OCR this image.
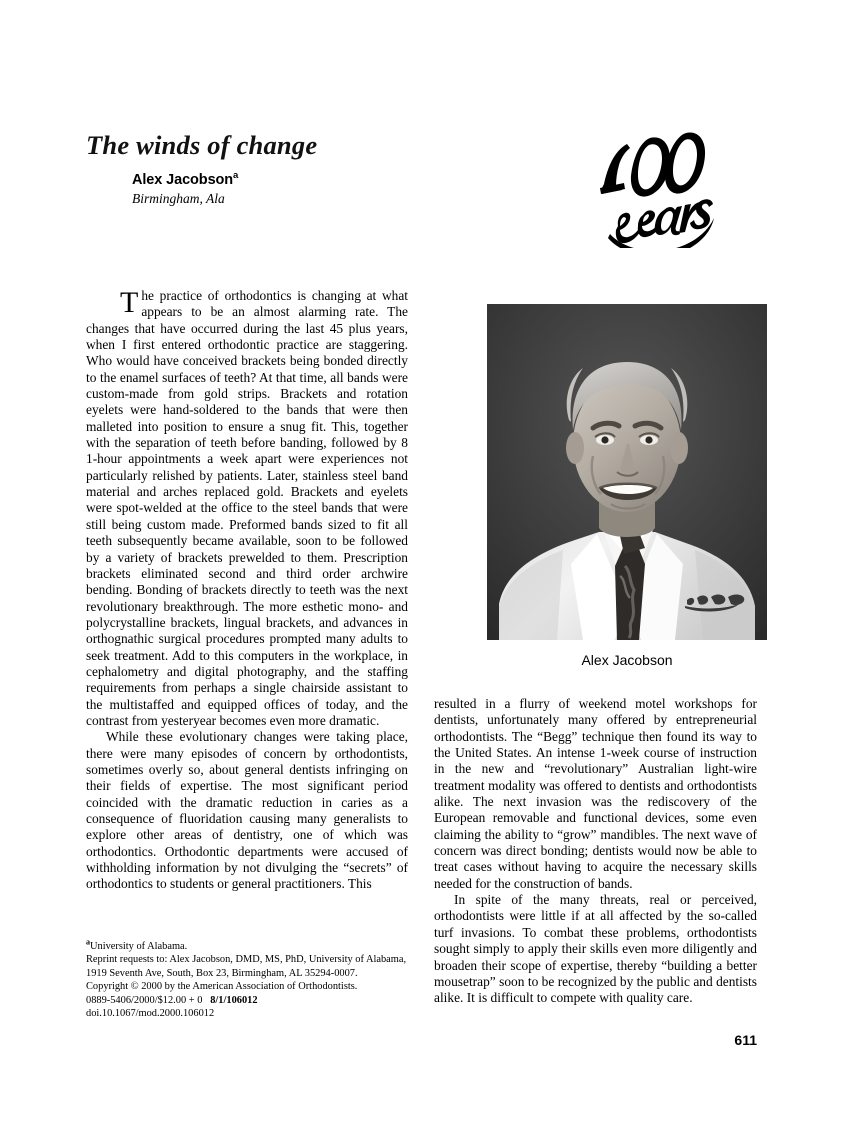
The winds of change
Alex Jacobson$^a$
Birmingham, Ala
Alex Jacobson

The practice of orthodontics is changing at what appears to be an almost alarming rate. The changes that have occurred during the last 45 plus years, when I first entered orthodontic practice are staggering. Who would have conceived brackets being bonded directly to the enamel surfaces of teeth? At that time, all bands were custom-made from gold strips. Brackets and rotation eyelets were hand-soldered to the bands that were then malleted into position to ensure a snug fit. This, together with the separation of teeth before banding, followed by 8 1-hour appointments a week apart were experiences not particularly relished by patients. Later, stainless steel band material and arches replaced gold. Brackets and eyelets were spot-welded at the office to the steel bands that were still being custom made. Preformed bands sized to fit all teeth subsequently became available, soon to be followed by a variety of brackets prewelded to them. Prescription brackets eliminated second and third order archwire bending. Bonding of brackets directly to teeth was the next revolutionary breakthrough. The more esthetic mono- and polycrystalline brackets, lingual brackets, and advances in orthognathic surgical procedures prompted many adults to seek treatment. Add to this computers in the workplace, in cephalometry and digital photography, and the staffing requirements from perhaps a single chairside assistant to the multistaffed and equipped offices of today, and the contrast from yesteryear becomes even more dramatic.

While these evolutionary changes were taking place, there were many episodes of concern by orthodontists, sometimes overly so, about general dentists infringing on their fields of expertise. The most significant period coincided with the dramatic reduction in caries as a consequence of fluoridation causing many generalists to explore other areas of dentistry, one of which was orthodontics. Orthodontic departments were accused of withholding information by not divulging the “secrets” of orthodontics to students or general practitioners. This

resulted in a flurry of weekend motel workshops for dentists, unfortunately many offered by entrepreneurial orthodontists. The “Begg” technique then found its way to the United States. An intense 1-week course of instruction in the new and “revolutionary” Australian light-wire treatment modality was offered to dentists and orthodontists alike. The next invasion was the rediscovery of the European removable and functional devices, some even claiming the ability to “grow” mandibles. The next wave of concern was direct bonding; dentists would now be able to treat cases without having to acquire the necessary skills needed for the construction of bands.

In spite of the many threats, real or perceived, orthodontists were little if at all affected by the so-called turf invasions. To combat these problems, orthodontists sought simply to apply their skills even more diligently and broaden their scope of expertise, thereby “building a better mousetrap” soon to be recognized by the public and dentists alike. It is difficult to compete with quality care.

$^a$University of Alabama.

Reprint requests to: Alex Jacobson, DMD, MS, PhD, University of Alabama,

1919 Seventh Ave, South, Box 23, Birmingham, AL 35294-0007.

Copyright © 2000 by the American Association of Orthodontists.

0889-5406/2000/$12.00 + 0 8/1/106012

doi.10.1067/mod.2000.106012

611
